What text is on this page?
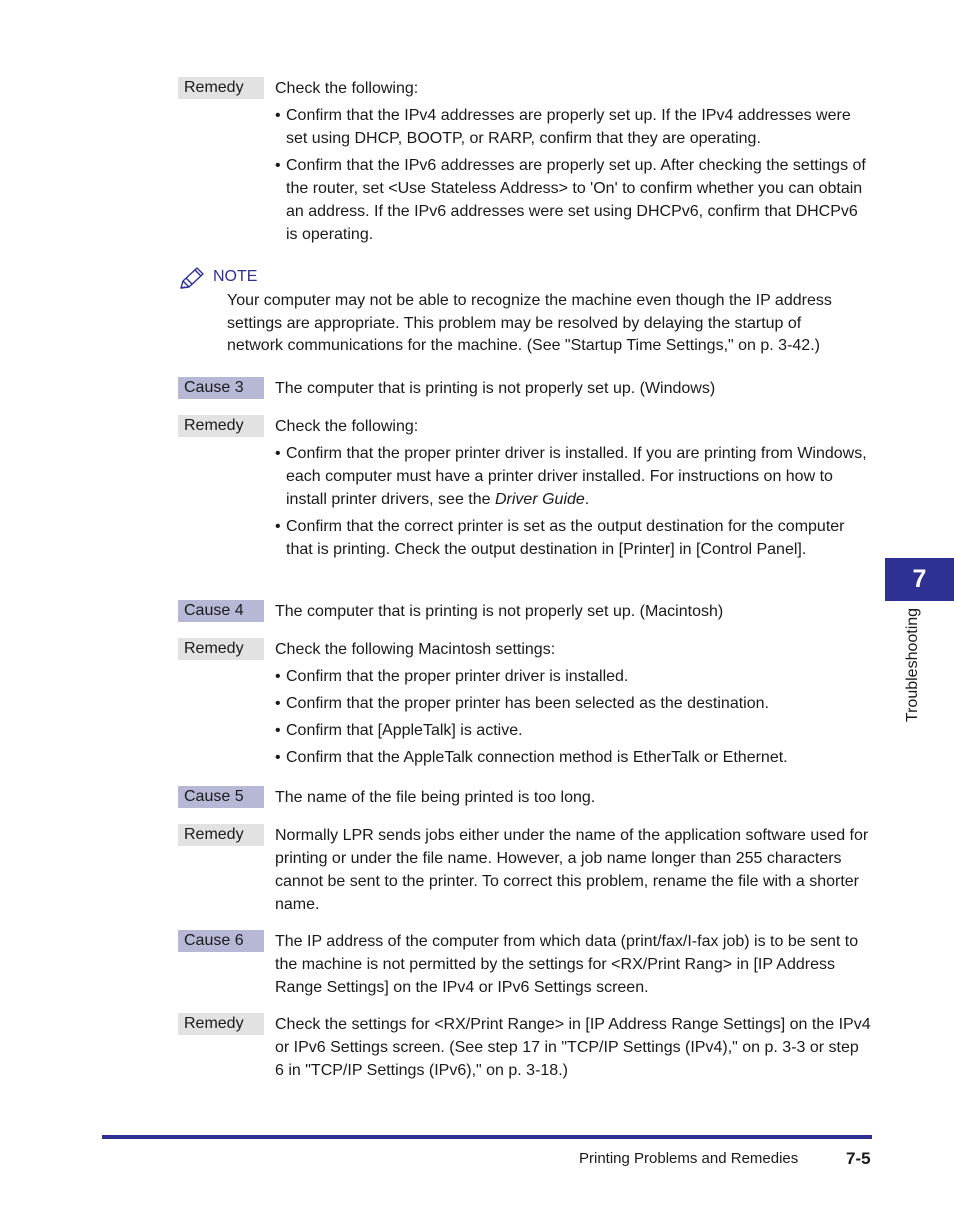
Remedy	Check the following:

• Confirm that the IPv4 addresses are properly set up. If the IPv4 addresses were set using DHCP, BOOTP, or RARP, confirm that they are operating.
• Confirm that the IPv6 addresses are properly set up. After checking the settings of the router, set <Use Stateless Address> to 'On' to confirm whether you can obtain an address. If the IPv6 addresses were set using DHCPv6, confirm that DHCPv6 is operating.
NOTE
Your computer may not be able to recognize the machine even though the IP address settings are appropriate. This problem may be resolved by delaying the startup of network communications for the machine. (See "Startup Time Settings," on p. 3-42.)
Cause 3	The computer that is printing is not properly set up. (Windows)
Remedy	Check the following:

• Confirm that the proper printer driver is installed. If you are printing from Windows, each computer must have a printer driver installed. For instructions on how to install printer drivers, see the Driver Guide.
• Confirm that the correct printer is set as the output destination for the computer that is printing. Check the output destination in [Printer] in [Control Panel].
Cause 4	The computer that is printing is not properly set up. (Macintosh)
Remedy	Check the following Macintosh settings:

• Confirm that the proper printer driver is installed.
• Confirm that the proper printer has been selected as the destination.
• Confirm that [AppleTalk] is active.
• Confirm that the AppleTalk connection method is EtherTalk or Ethernet.
Cause 5	The name of the file being printed is too long.
Remedy	Normally LPR sends jobs either under the name of the application software used for printing or under the file name. However, a job name longer than 255 characters cannot be sent to the printer. To correct this problem, rename the file with a shorter name.
Cause 6	The IP address of the computer from which data (print/fax/I-fax job) is to be sent to the machine is not permitted by the settings for <RX/Print Rang> in [IP Address Range Settings] on the IPv4 or IPv6 Settings screen.
Remedy	Check the settings for <RX/Print Range> in [IP Address Range Settings] on the IPv4 or IPv6 Settings screen. (See step 17 in "TCP/IP Settings (IPv4)," on p. 3-3 or step 6 in "TCP/IP Settings (IPv6)," on p. 3-18.)
7
Troubleshooting
Printing Problems and Remedies	7-5
